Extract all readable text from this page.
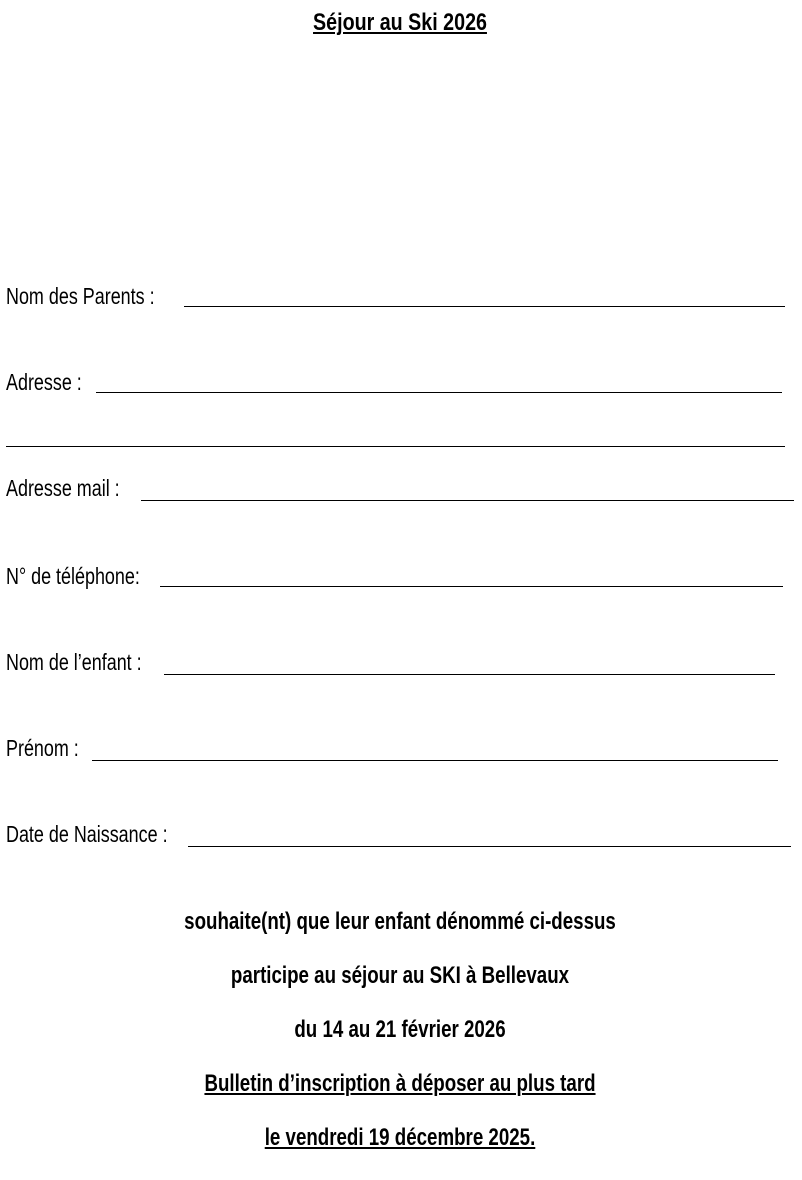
Séjour au Ski 2026
Nom des Parents :
Adresse :
Adresse mail :
N° de téléphone:
Nom de l’enfant :
Prénom :
Date de Naissance :
souhaite(nt) que leur enfant dénommé ci-dessus
participe au séjour au SKI à Bellevaux
du 14 au 21 février 2026
Bulletin d’inscription à déposer au plus tard
le vendredi 19 décembre 2025.
